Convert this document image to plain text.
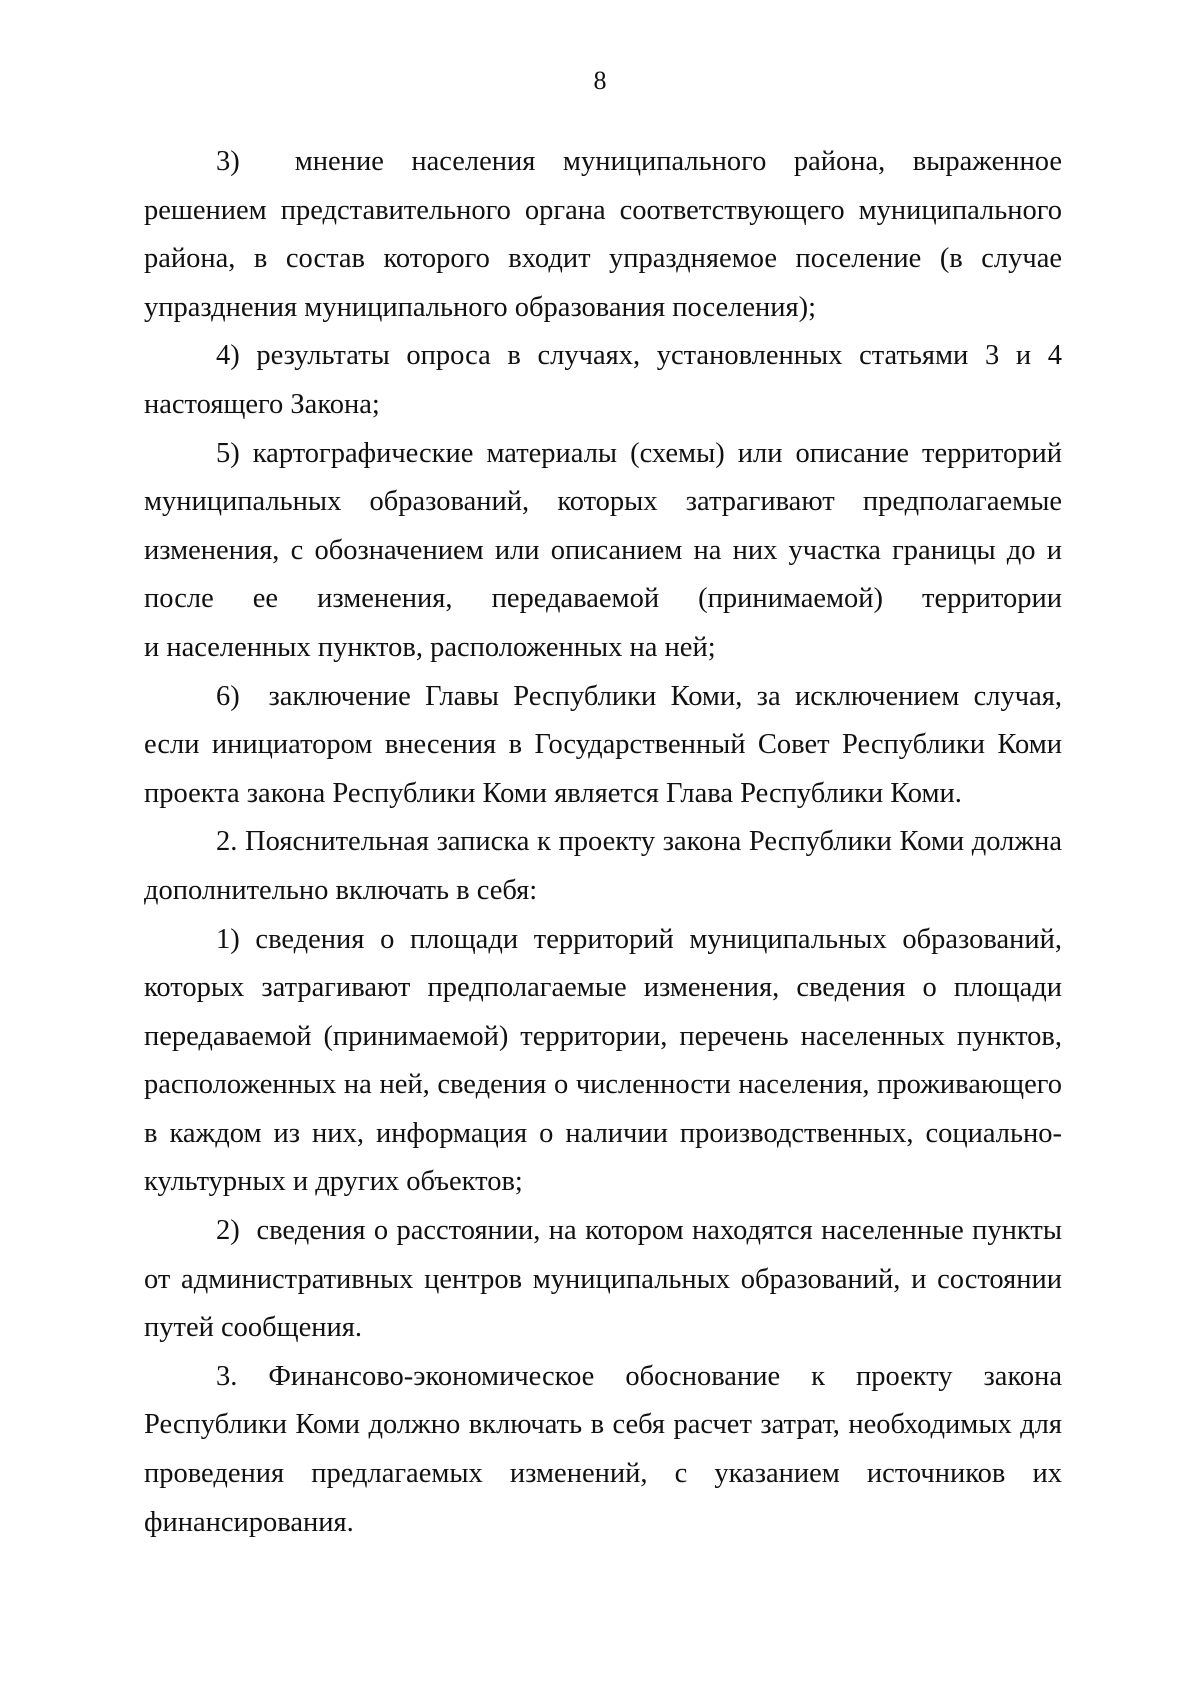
8

3)  мнение населения муниципального района, выраженное решением представительного органа соответствующего муниципального района, в состав которого входит упраздняемое поселение (в случае упразднения муниципального образования поселения);

4) результаты опроса в случаях, установленных статьями 3 и 4 настоящего Закона;

5) картографические материалы (схемы) или описание территорий муниципальных образований, которых затрагивают предполагаемые изменения, с обозначением или описанием на них участка границы до и после ее изменения, передаваемой (принимаемой) территории и населенных пунктов, расположенных на ней;

6)  заключение Главы Республики Коми, за исключением случая, если инициатором внесения в Государственный Совет Республики Коми проекта закона Республики Коми является Глава Республики Коми.

2. Пояснительная записка к проекту закона Республики Коми должна дополнительно включать в себя:

1) сведения о площади территорий муниципальных образований, которых затрагивают предполагаемые изменения, сведения о площади передаваемой (принимаемой) территории, перечень населенных пунктов, расположенных на ней, сведения о численности населения, проживающего в каждом из них, информация о наличии производственных, социально-культурных и других объектов;

2)  сведения о расстоянии, на котором находятся населенные пункты от административных центров муниципальных образований, и состоянии путей сообщения.

3. Финансово-экономическое обоснование к проекту закона Республики Коми должно включать в себя расчет затрат, необходимых для проведения предлагаемых изменений, с указанием источников их финансирования.
